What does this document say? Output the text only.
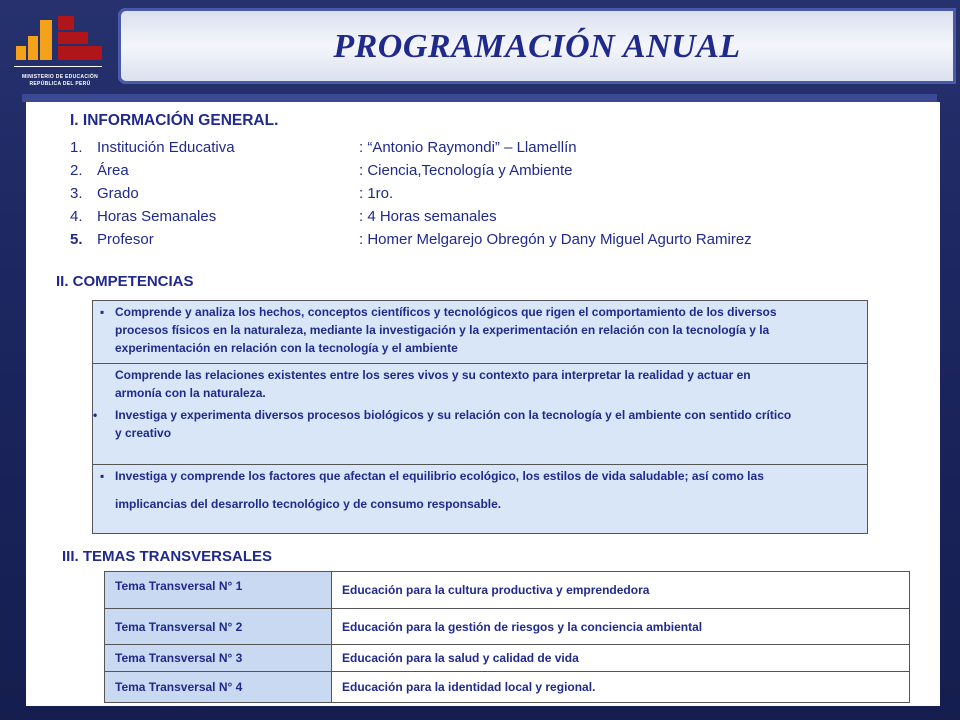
MINISTERIO DE EDUCACIÓN
REPÚBLICA DEL PERÚ
PROGRAMACIÓN ANUAL
I. INFORMACIÓN GENERAL.
1. Institución Educativa	: “Antonio Raymondi” – Llamellín
2. Área	: Ciencia,Tecnología y Ambiente
3. Grado	: 1ro.
4. Horas Semanales	: 4 Horas semanales
5. Profesor	: Homer Melgarejo Obregón y Dany Miguel Agurto Ramirez
II. COMPETENCIAS
▪ Comprende y analiza los hechos, conceptos científicos y tecnológicos que rigen el comportamiento de los diversos
procesos físicos en la naturaleza, mediante la investigación y la experimentación en relación con la tecnología y la
experimentación en relación con la tecnología y el ambiente

Comprende las relaciones existentes entre los seres vivos y su contexto para interpretar la realidad y actuar en
armonía con la naturaleza.
• Investiga y experimenta diversos procesos biológicos y su relación con la tecnología y el ambiente con sentido crítico
y creativo

▪ Investiga y comprende los factores que afectan el equilibrio ecológico, los estilos de vida saludable; así como las
implicancias del desarrollo tecnológico y de consumo responsable.
III. TEMAS TRANSVERSALES
Tema Transversal N° 1	Educación para la cultura productiva y emprendedora
Tema Transversal N° 2	Educación para la gestión de riesgos y la conciencia ambiental
Tema Transversal N° 3	Educación para la salud y calidad de vida
Tema Transversal N° 4	Educación para la identidad local y regional.
